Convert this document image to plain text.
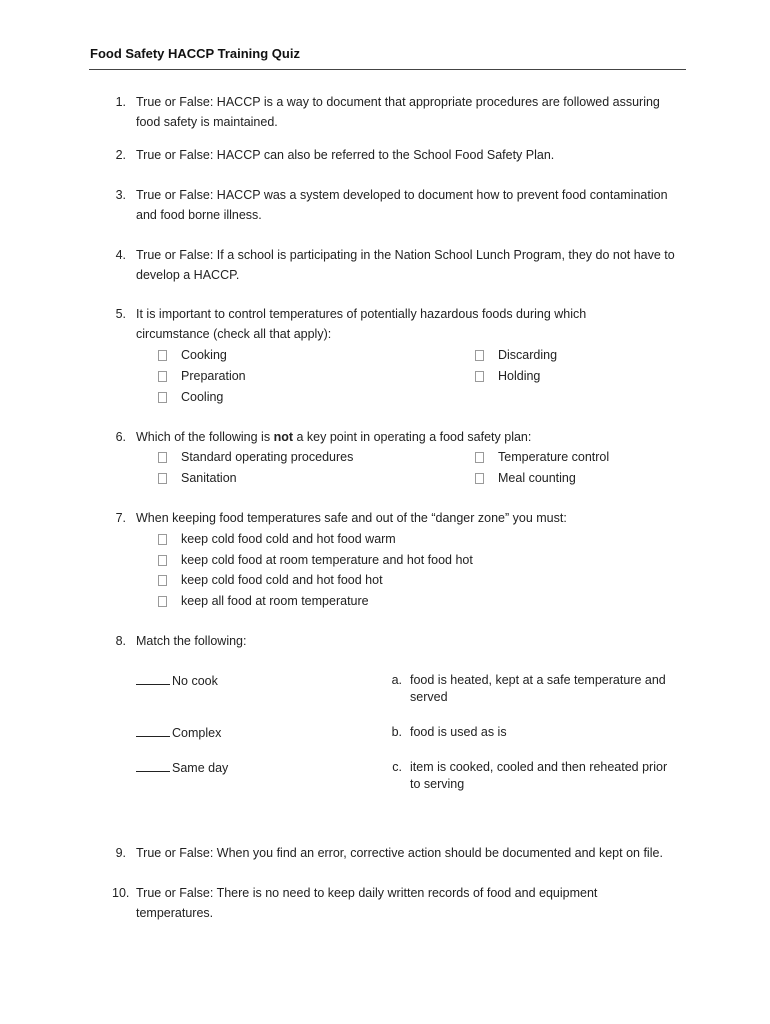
Food Safety HACCP Training Quiz
1. True or False: HACCP is a way to document that appropriate procedures are followed assuring food safety is maintained.
2. True or False: HACCP can also be referred to the School Food Safety Plan.
3. True or False: HACCP was a system developed to document how to prevent food contamination and food borne illness.
4. True or False: If a school is participating in the Nation School Lunch Program, they do not have to develop a HACCP.
5. It is important to control temperatures of potentially hazardous foods during which circumstance (check all that apply):
Cooking
Preparation
Cooling
Discarding
Holding
6. Which of the following is not a key point in operating a food safety plan:
Standard operating procedures
Sanitation
Temperature control
Meal counting
7. When keeping food temperatures safe and out of the “danger zone” you must:
keep cold food cold and hot food warm
keep cold food at room temperature and hot food hot
keep cold food cold and hot food hot
keep all food at room temperature
8. Match the following:
No cook
Complex
Same day
a. food is heated, kept at a safe temperature and served
b. food is used as is
c. item is cooked, cooled and then reheated prior to serving
9. True or False: When you find an error, corrective action should be documented and kept on file.
10. True or False: There is no need to keep daily written records of food and equipment temperatures.
